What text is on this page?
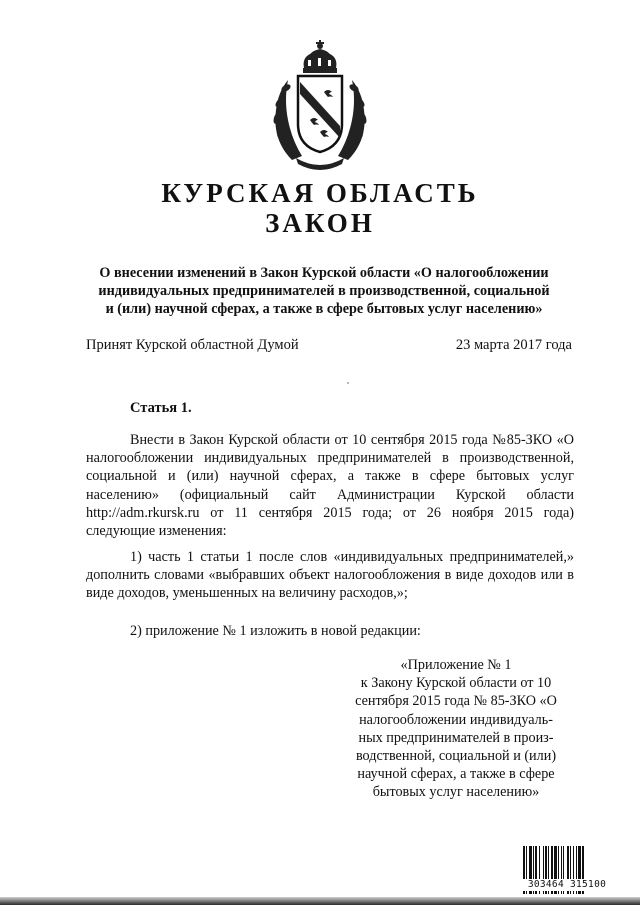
КУРСКАЯ ОБЛАСТЬ
ЗАКОН
О внесении изменений в Закон Курской области «О налогообложении
индивидуальных предпринимателей в производственной, социальной
и (или) научной сферах, а также в сфере бытовых услуг населению»
Принят Курской областной Думой	23 марта 2017 года
Статья 1.
Внести в Закон Курской области от 10 сентября 2015 года №85-ЗКО «О налогообложении индивидуальных предпринимателей в производственной, социальной и (или) научной сферах, а также в сфере бытовых услуг населению» (официальный сайт Администрации Курской области http://adm.rkursk.ru от 11 сентября 2015 года; от 26 ноября 2015 года) следующие изменения:
1) часть 1 статьи 1 после слов «индивидуальных предпринимателей,» дополнить словами «выбравших объект налогообложения в виде доходов или в виде доходов, уменьшенных на величину расходов,»;
2) приложение № 1 изложить в новой редакции:
«Приложение № 1
к Закону Курской области от 10
сентября 2015 года № 85-ЗКО «О
налогообложении индивидуаль-
ных предпринимателей в произ-
водственной, социальной и (или)
научной сферах, а также в сфере
бытовых услуг населению»
303464 315100
